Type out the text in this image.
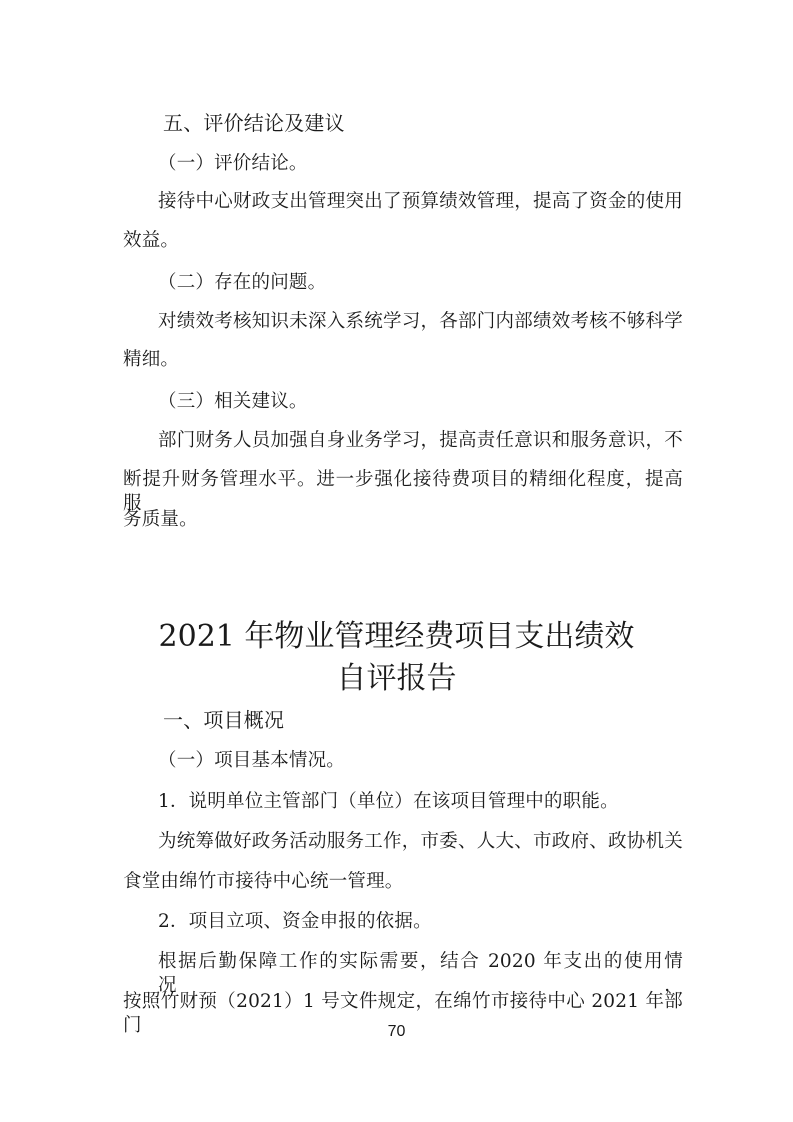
五、评价结论及建议
（一）评价结论。
接待中心财政支出管理突出了预算绩效管理，提高了资金的使用
效益。
（二）存在的问题。
对绩效考核知识未深入系统学习，各部门内部绩效考核不够科学
精细。
（三）相关建议。
部门财务人员加强自身业务学习，提高责任意识和服务意识，不
断提升财务管理水平。进一步强化接待费项目的精细化程度，提高服
务质量。
2021 年物业管理经费项目支出绩效
自评报告
一、项目概况
（一）项目基本情况。
1．说明单位主管部门（单位）在该项目管理中的职能。
为统筹做好政务活动服务工作，市委、人大、市政府、政协机关
食堂由绵竹市接待中心统一管理。
2．项目立项、资金申报的依据。
根据后勤保障工作的实际需要，结合 2020 年支出的使用情况，
按照竹财预（2021）1 号文件规定，在绵竹市接待中心 2021 年部门	70
